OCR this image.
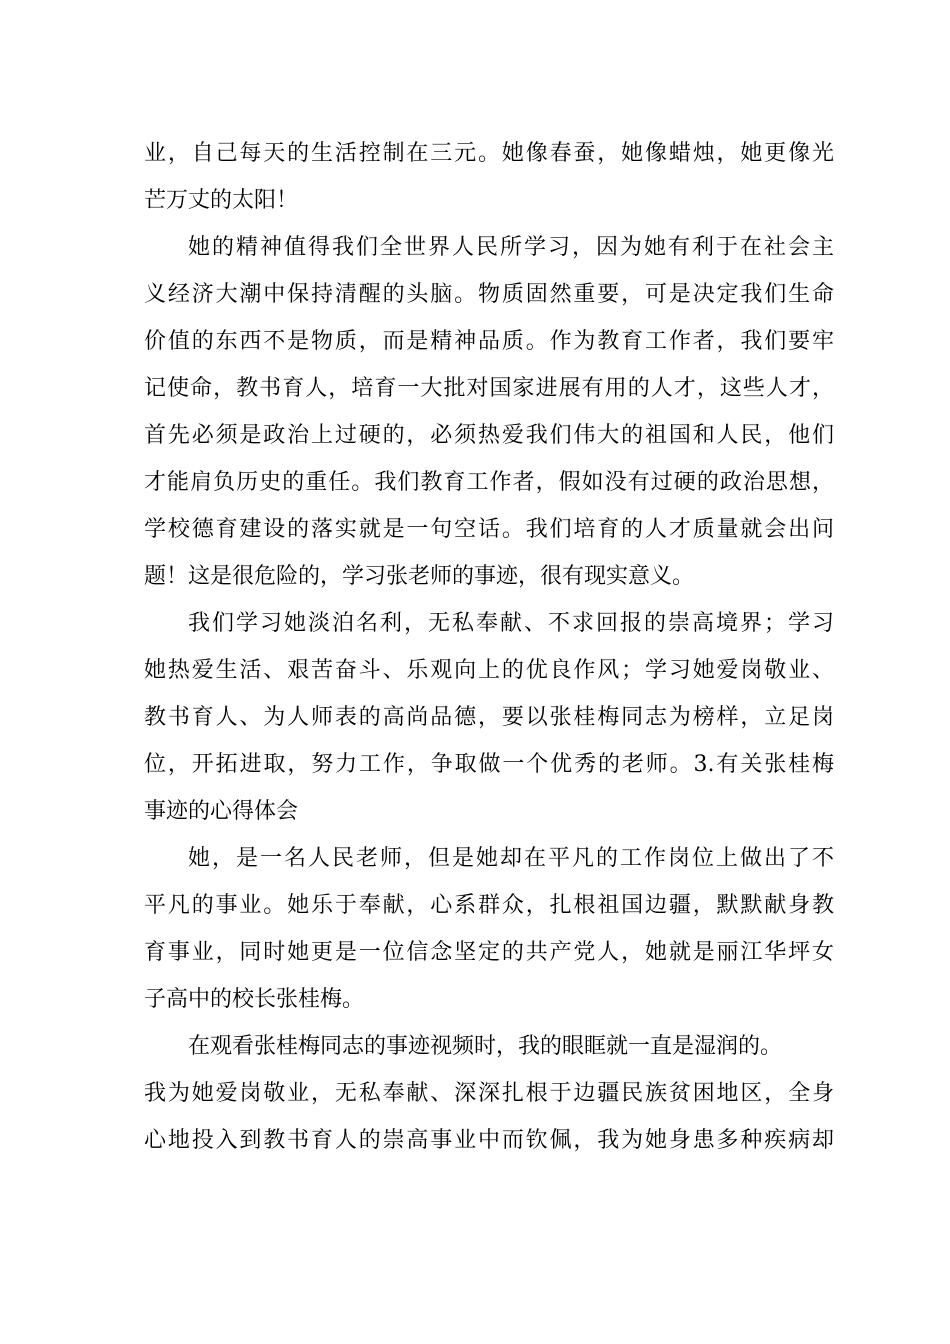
业，自己每天的生活控制在三元。她像春蚕，她像蜡烛，她更像光
芒万丈的太阳！
她的精神值得我们全世界人民所学习，因为她有利于在社会主
义经济大潮中保持清醒的头脑。物质固然重要，可是决定我们生命
价值的东西不是物质，而是精神品质。作为教育工作者，我们要牢
记使命，教书育人，培育一大批对国家进展有用的人才，这些人才，
首先必须是政治上过硬的，必须热爱我们伟大的祖国和人民，他们
才能肩负历史的重任。我们教育工作者，假如没有过硬的政治思想，
学校德育建设的落实就是一句空话。我们培育的人才质量就会出问
题！这是很危险的，学习张老师的事迹，很有现实意义。
我们学习她淡泊名利，无私奉献、不求回报的崇高境界；学习
她热爱生活、艰苦奋斗、乐观向上的优良作风；学习她爱岗敬业、
教书育人、为人师表的高尚品德，要以张桂梅同志为榜样，立足岗
位，开拓进取，努力工作，争取做一个优秀的老师。3.有关张桂梅
事迹的心得体会
她，是一名人民老师，但是她却在平凡的工作岗位上做出了不
平凡的事业。她乐于奉献，心系群众，扎根祖国边疆，默默献身教
育事业，同时她更是一位信念坚定的共产党人，她就是丽江华坪女
子高中的校长张桂梅。
在观看张桂梅同志的事迹视频时，我的眼眶就一直是湿润的。
我为她爱岗敬业，无私奉献、深深扎根于边疆民族贫困地区，全身
心地投入到教书育人的崇高事业中而钦佩，我为她身患多种疾病却
